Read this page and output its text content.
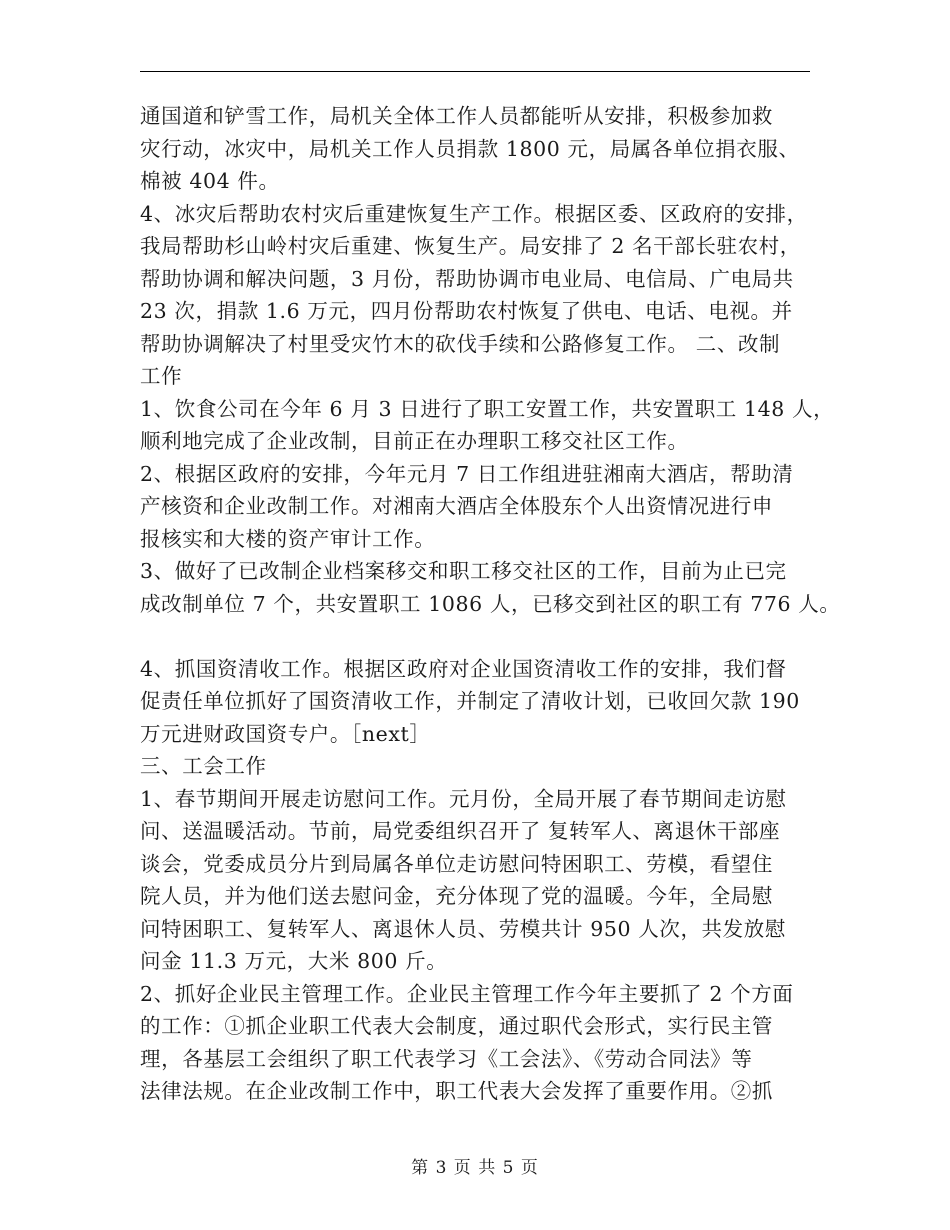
通国道和铲雪工作，局机关全体工作人员都能听从安排，积极参加救
灾行动，冰灾中，局机关工作人员捐款 1800 元，局属各单位捐衣服、
棉被 404 件。
4、冰灾后帮助农村灾后重建恢复生产工作。根据区委、区政府的安排，
我局帮助杉山岭村灾后重建、恢复生产。局安排了 2 名干部长驻农村，
帮助协调和解决问题，3 月份，帮助协调市电业局、电信局、广电局共
23 次，捐款 1.6 万元，四月份帮助农村恢复了供电、电话、电视。并
帮助协调解决了村里受灾竹木的砍伐手续和公路修复工作。 二、改制
工作
1、饮食公司在今年 6 月 3 日进行了职工安置工作，共安置职工 148 人，
顺利地完成了企业改制，目前正在办理职工移交社区工作。
2、根据区政府的安排，今年元月 7 日工作组进驻湘南大酒店，帮助清
产核资和企业改制工作。对湘南大酒店全体股东个人出资情况进行申
报核实和大楼的资产审计工作。
3、做好了已改制企业档案移交和职工移交社区的工作，目前为止已完
成改制单位 7 个，共安置职工 1086 人，已移交到社区的职工有 776 人。
4、抓国资清收工作。根据区政府对企业国资清收工作的安排，我们督
促责任单位抓好了国资清收工作，并制定了清收计划，已收回欠款 190
万元进财政国资专户。［next］
三、工会工作
1、春节期间开展走访慰问工作。元月份，全局开展了春节期间走访慰
问、送温暖活动。节前，局党委组织召开了 复转军人、离退休干部座
谈会，党委成员分片到局属各单位走访慰问特困职工、劳模，看望住
院人员，并为他们送去慰问金，充分体现了党的温暖。今年，全局慰
问特困职工、复转军人、离退休人员、劳模共计 950 人次，共发放慰
问金 11.3 万元，大米 800 斤。
2、抓好企业民主管理工作。企业民主管理工作今年主要抓了 2 个方面
的工作：①抓企业职工代表大会制度，通过职代会形式，实行民主管
理，各基层工会组织了职工代表学习《工会法》、《劳动合同法》等
法律法规。在企业改制工作中，职工代表大会发挥了重要作用。②抓
第 3 页 共 5 页
